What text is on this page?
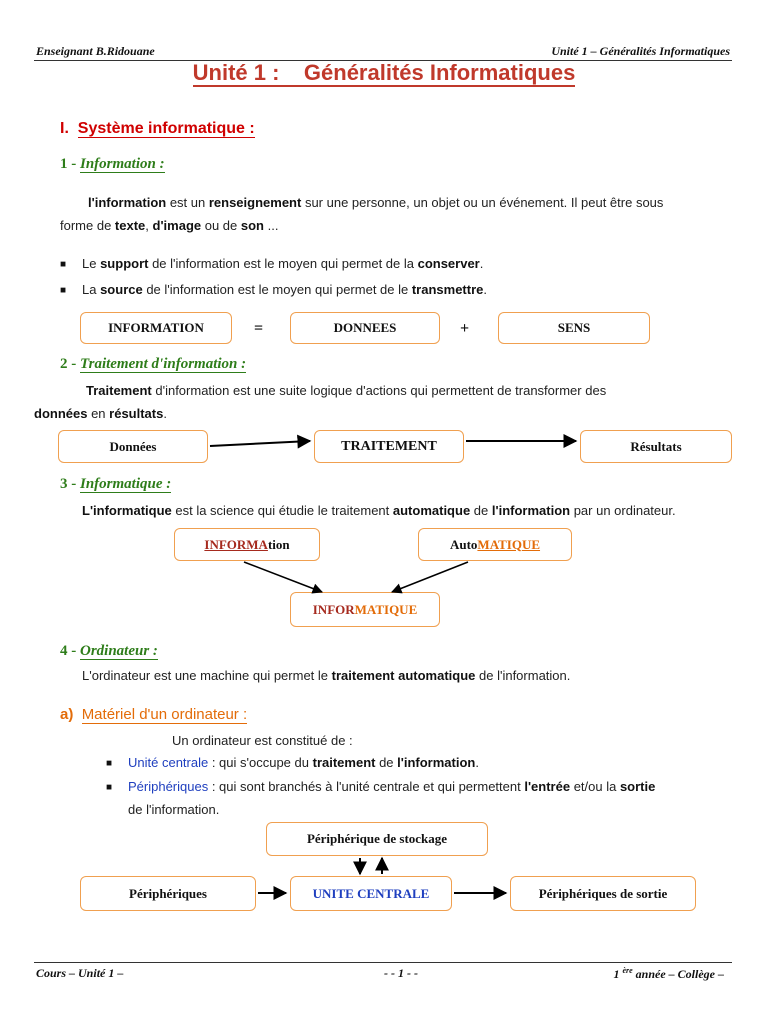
Enseignant B.Ridouane	Unité 1 – Généralités Informatiques
Unité 1 :    Généralités Informatiques
I. Système informatique :
1 - Information :
l'information est un renseignement sur une personne, un objet ou un événement. Il peut être sous
forme de texte, d'image ou de son ...
■ Le support de l'information est le moyen qui permet de la conserver.
■ La source de l'information est le moyen qui permet de le transmettre.
INFORMATION	=	DONNEES	+	SENS
2 - Traitement d'information :
Traitement d'information est une suite logique d'actions qui permettent de transformer des
données en résultats.
Données	TRAITEMENT	Résultats
3 - Informatique :
L'informatique est la science qui étudie le traitement automatique de l'information par un ordinateur.
INFORMA tion	Auto MATIQUE
INFOR MATIQUE
4 - Ordinateur :
L'ordinateur est une machine qui permet le traitement automatique de l'information.
a) Matériel d'un ordinateur :
Un ordinateur est constitué de :
■ Unité centrale : qui s'occupe du traitement de l'information.
■ Périphériques : qui sont branchés à l'unité centrale et qui permettent l'entrée et/ou la sortie
de l'information.
Périphérique de stockage
Périphériques	UNITE CENTRALE	Périphériques de sortie
Cours – Unité 1 –	- - 1 - -	1 $^{ère}$ année – Collège –
